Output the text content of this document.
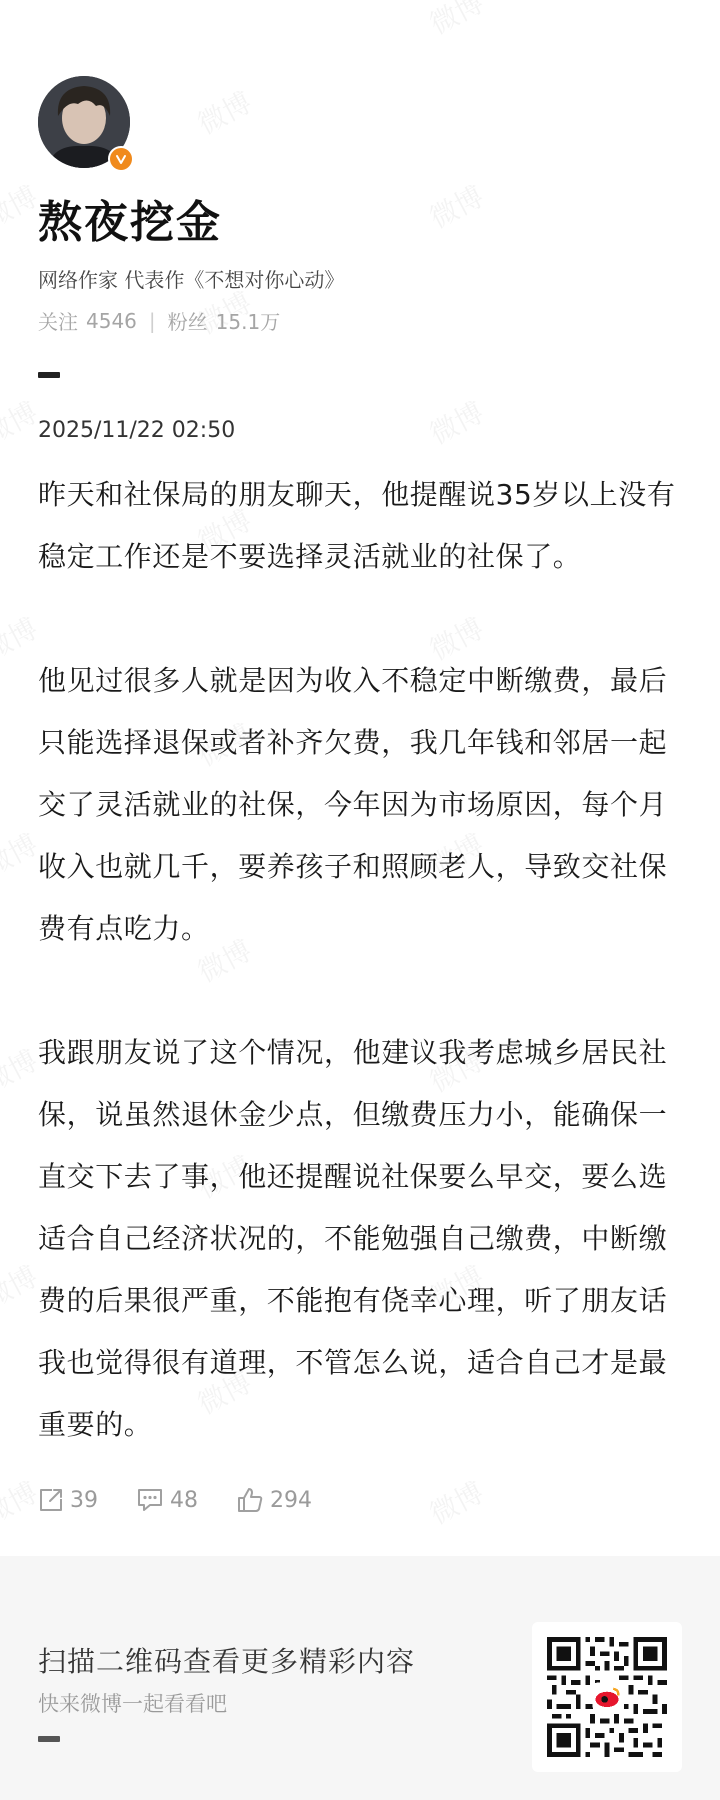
熬夜挖金
网络作家 代表作《不想对你心动》
关注 4546 | 粉丝 15.1万
2025/11/22 02:50

昨天和社保局的朋友聊天，他提醒说35岁以上没有稳定工作还是不要选择灵活就业的社保了。

他见过很多人就是因为收入不稳定中断缴费，最后只能选择退保或者补齐欠费，我几年钱和邻居一起交了灵活就业的社保，今年因为市场原因，每个月收入也就几千，要养孩子和照顾老人，导致交社保费有点吃力。

我跟朋友说了这个情况，他建议我考虑城乡居民社保，说虽然退休金少点，但缴费压力小，能确保一直交下去了事，他还提醒说社保要么早交，要么选适合自己经济状况的，不能勉强自己缴费，中断缴费的后果很严重，不能抱有侥幸心理，听了朋友话我也觉得很有道理，不管怎么说，适合自己才是最重要的。

39	48	294
扫描二维码查看更多精彩内容
快来微博一起看看吧
